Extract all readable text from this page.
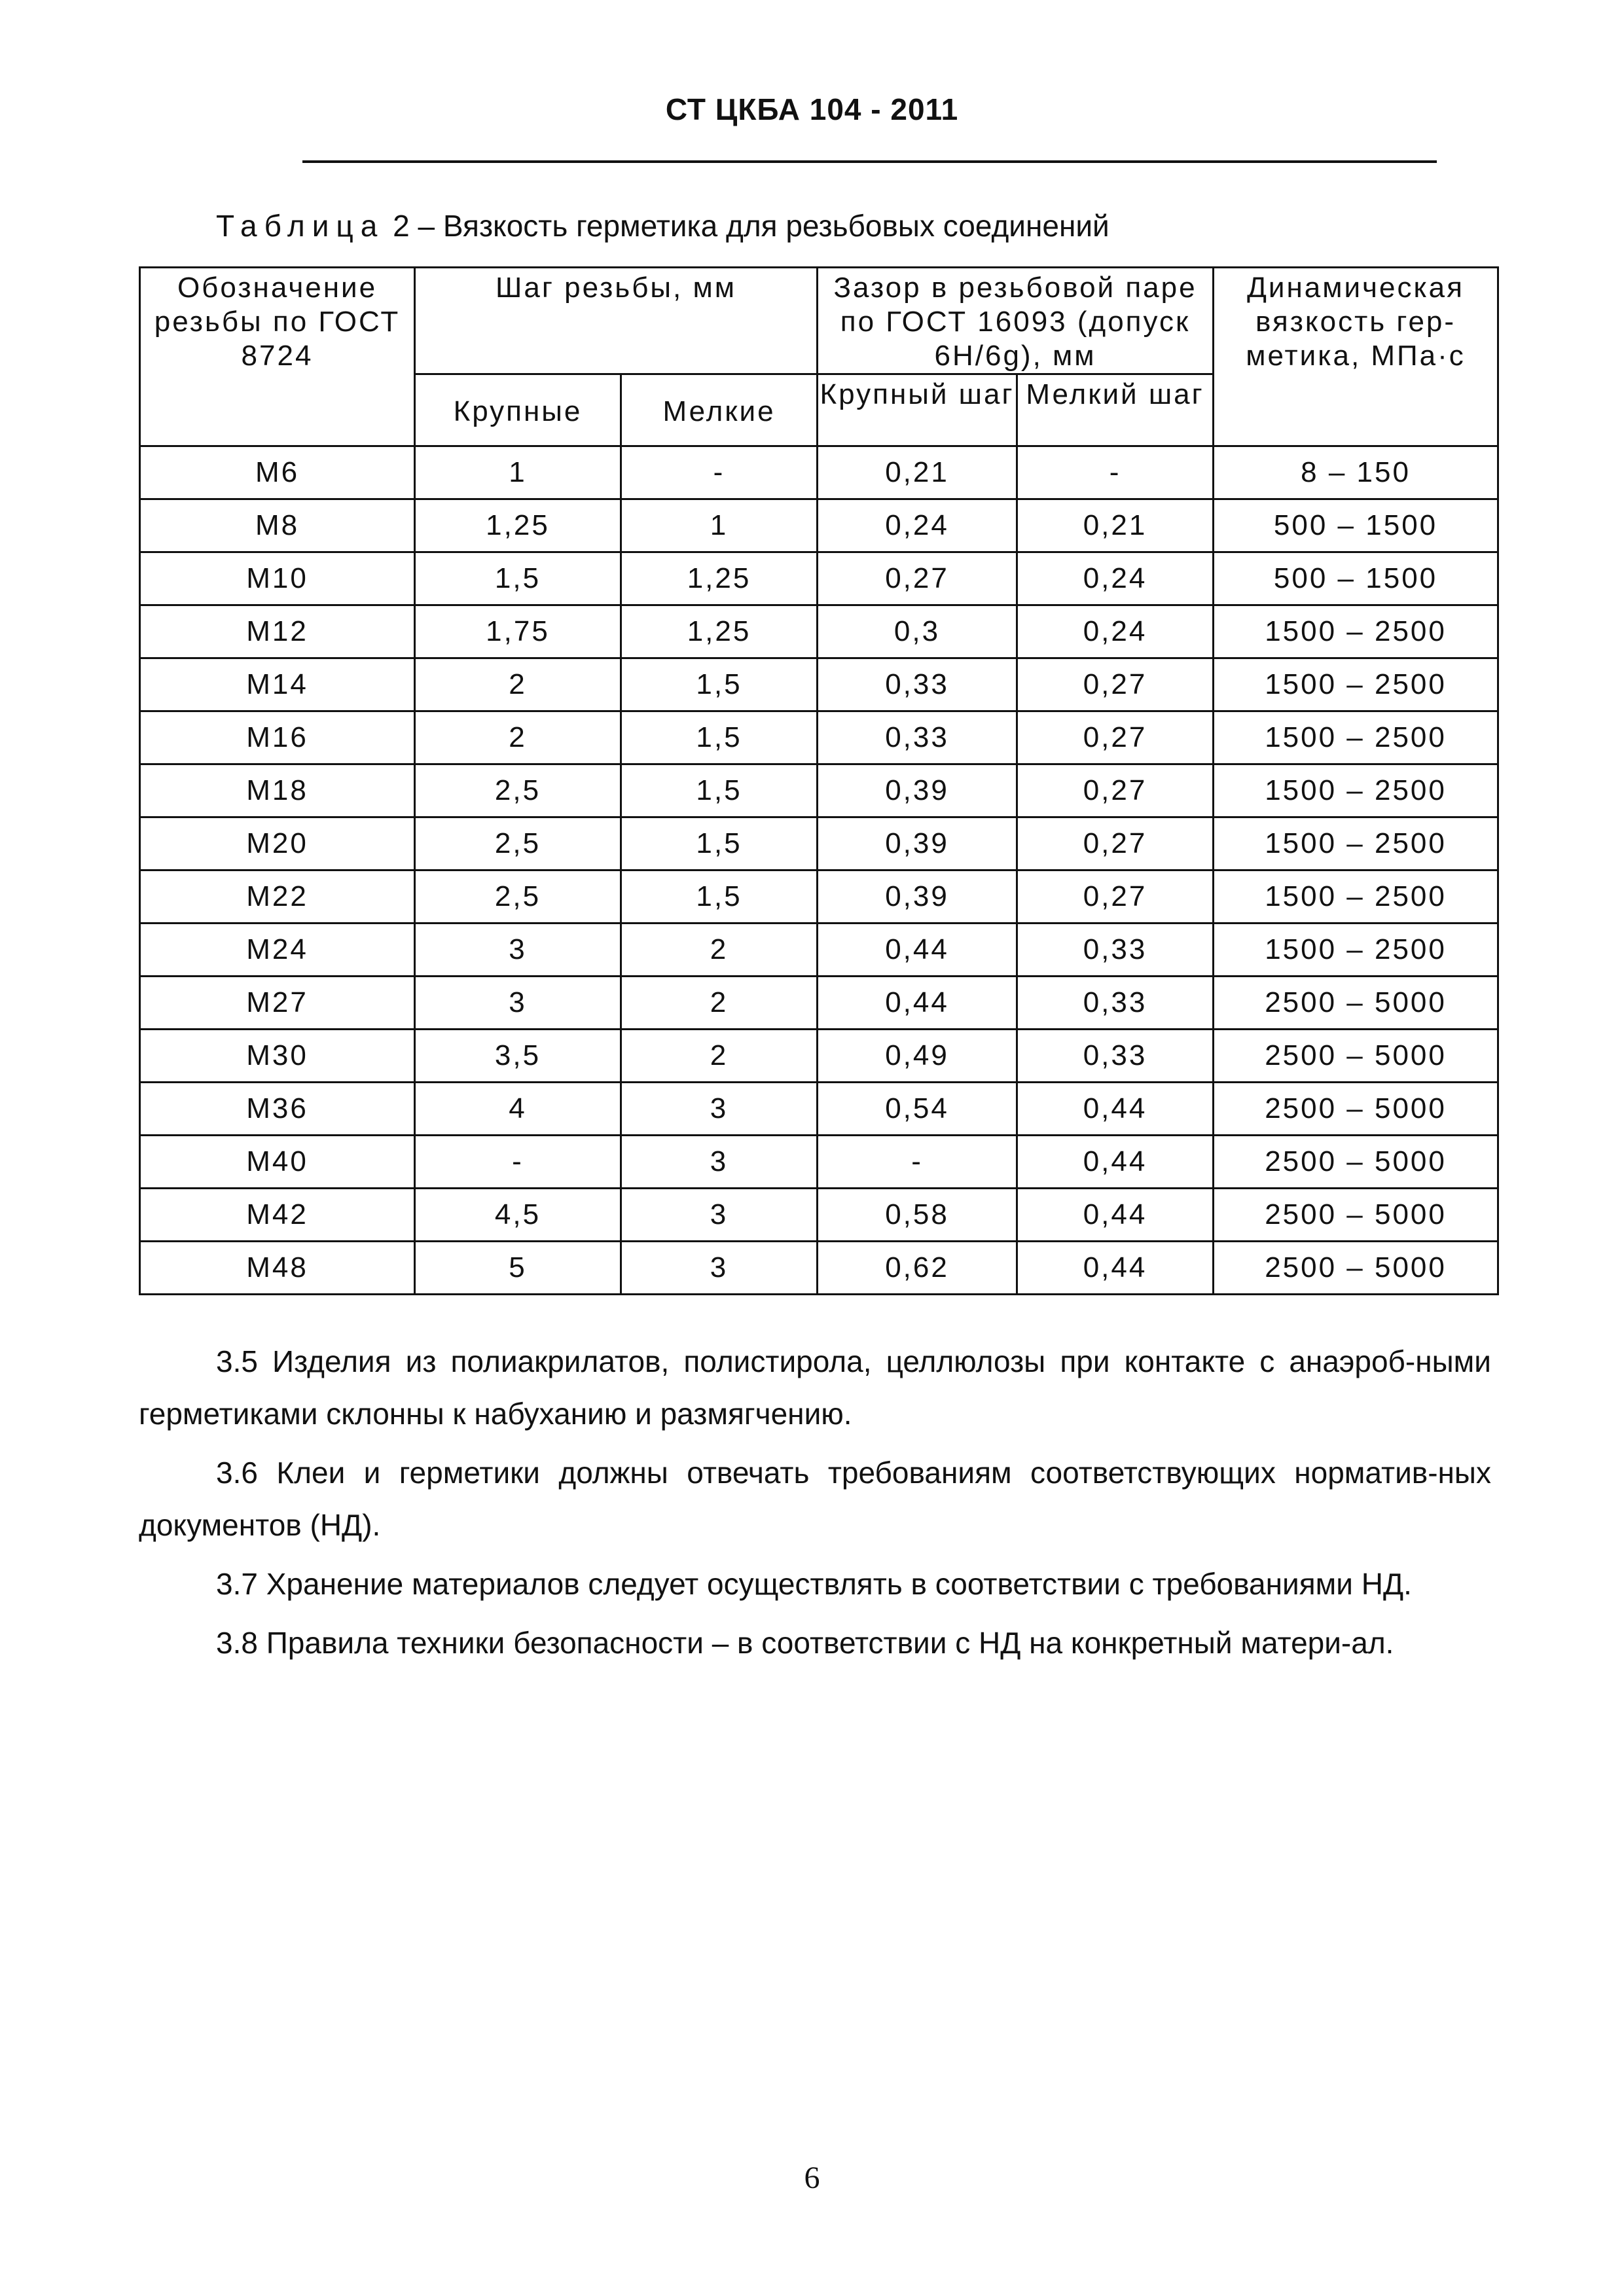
СТ ЦКБА 104 - 2011
Таблица 2 – Вязкость герметика для резьбовых соединений
Обозначение резьбы по ГОСТ 8724	Шаг резьбы, мм		Зазор в резьбовой паре по ГОСТ 16093 (допуск 6H/6g), мм		Динамическая вязкость гер-метика, МПа·с
	Крупные	Мелкие	Крупный шаг	Мелкий шаг	
М6	1	-	0,21	-	8 – 150
М8	1,25	1	0,24	0,21	500 – 1500
М10	1,5	1,25	0,27	0,24	500 – 1500
М12	1,75	1,25	0,3	0,24	1500 – 2500
М14	2	1,5	0,33	0,27	1500 – 2500
М16	2	1,5	0,33	0,27	1500 – 2500
М18	2,5	1,5	0,39	0,27	1500 – 2500
М20	2,5	1,5	0,39	0,27	1500 – 2500
М22	2,5	1,5	0,39	0,27	1500 – 2500
М24	3	2	0,44	0,33	1500 – 2500
М27	3	2	0,44	0,33	2500 – 5000
М30	3,5	2	0,49	0,33	2500 – 5000
М36	4	3	0,54	0,44	2500 – 5000
М40	-	3	-	0,44	2500 – 5000
М42	4,5	3	0,58	0,44	2500 – 5000
М48	5	3	0,62	0,44	2500 – 5000

3.5 Изделия из полиакрилатов, полистирола, целлюлозы при контакте с анаэроб-ными герметиками склонны к набуханию и размягчению.

3.6 Клеи и герметики должны отвечать требованиям соответствующих норматив-ных документов (НД).

3.7 Хранение материалов следует осуществлять в соответствии с требованиями НД.

3.8 Правила техники безопасности – в соответствии с НД на конкретный матери-ал.

6
